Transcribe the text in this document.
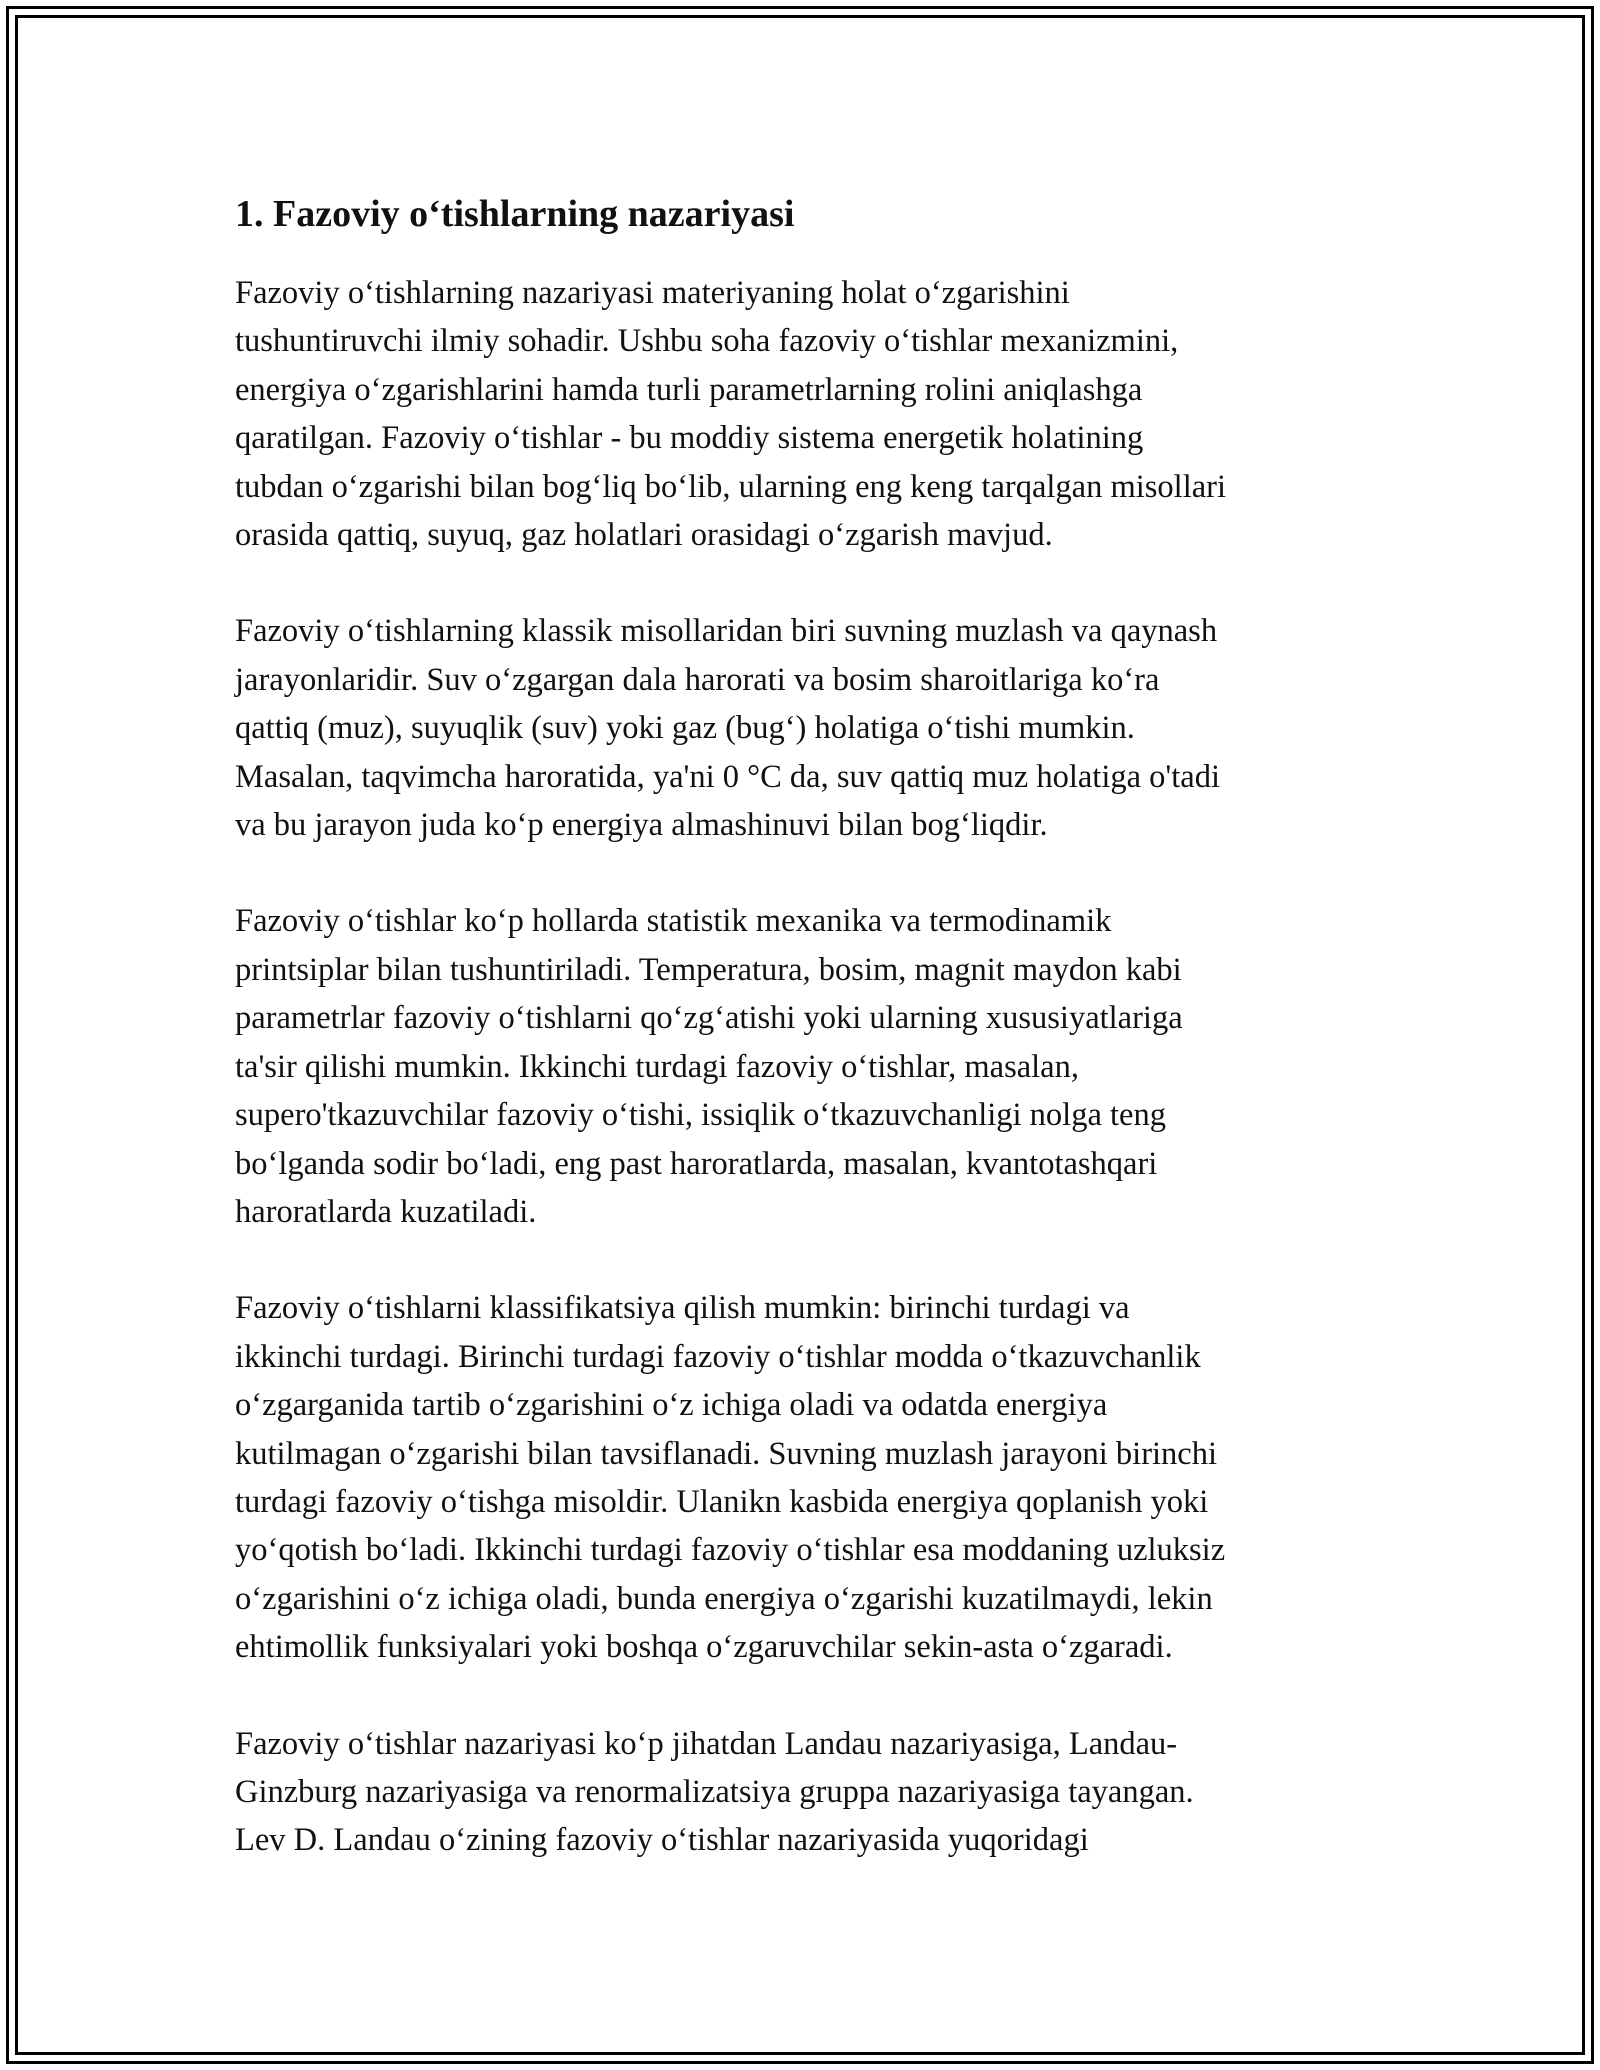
1. Fazoviy o‘tishlarning nazariyasi

Fazoviy o‘tishlarning nazariyasi materiyaning holat o‘zgarishini
tushuntiruvchi ilmiy sohadir. Ushbu soha fazoviy o‘tishlar mexanizmini,
energiya o‘zgarishlarini hamda turli parametrlarning rolini aniqlashga
qaratilgan. Fazoviy o‘tishlar - bu moddiy sistema energetik holatining
tubdan o‘zgarishi bilan bog‘liq bo‘lib, ularning eng keng tarqalgan misollari
orasida qattiq, suyuq, gaz holatlari orasidagi o‘zgarish mavjud.

Fazoviy o‘tishlarning klassik misollaridan biri suvning muzlash va qaynash
jarayonlaridir. Suv o‘zgargan dala harorati va bosim sharoitlariga ko‘ra
qattiq (muz), suyuqlik (suv) yoki gaz (bug‘) holatiga o‘tishi mumkin.
Masalan, taqvimcha haroratida, ya'ni 0 °C da, suv qattiq muz holatiga o'tadi
va bu jarayon juda ko‘p energiya almashinuvi bilan bog‘liqdir.

Fazoviy o‘tishlar ko‘p hollarda statistik mexanika va termodinamik
printsiplar bilan tushuntiriladi. Temperatura, bosim, magnit maydon kabi
parametrlar fazoviy o‘tishlarni qo‘zg‘atishi yoki ularning xususiyatlariga
ta'sir qilishi mumkin. Ikkinchi turdagi fazoviy o‘tishlar, masalan,
supero'tkazuvchilar fazoviy o‘tishi, issiqlik o‘tkazuvchanligi nolga teng
bo‘lganda sodir bo‘ladi, eng past haroratlarda, masalan, kvantotashqari
haroratlarda kuzatiladi.

Fazoviy o‘tishlarni klassifikatsiya qilish mumkin: birinchi turdagi va
ikkinchi turdagi. Birinchi turdagi fazoviy o‘tishlar modda o‘tkazuvchanlik
o‘zgarganida tartib o‘zgarishini o‘z ichiga oladi va odatda energiya
kutilmagan o‘zgarishi bilan tavsiflanadi. Suvning muzlash jarayoni birinchi
turdagi fazoviy o‘tishga misoldir. Ulanikn kasbida energiya qoplanish yoki
yo‘qotish bo‘ladi. Ikkinchi turdagi fazoviy o‘tishlar esa moddaning uzluksiz
o‘zgarishini o‘z ichiga oladi, bunda energiya o‘zgarishi kuzatilmaydi, lekin
ehtimollik funksiyalari yoki boshqa o‘zgaruvchilar sekin-asta o‘zgaradi.

Fazoviy o‘tishlar nazariyasi ko‘p jihatdan Landau nazariyasiga, Landau-
Ginzburg nazariyasiga va renormalizatsiya gruppa nazariyasiga tayangan.
Lev D. Landau o‘zining fazoviy o‘tishlar nazariyasida yuqoridagi
